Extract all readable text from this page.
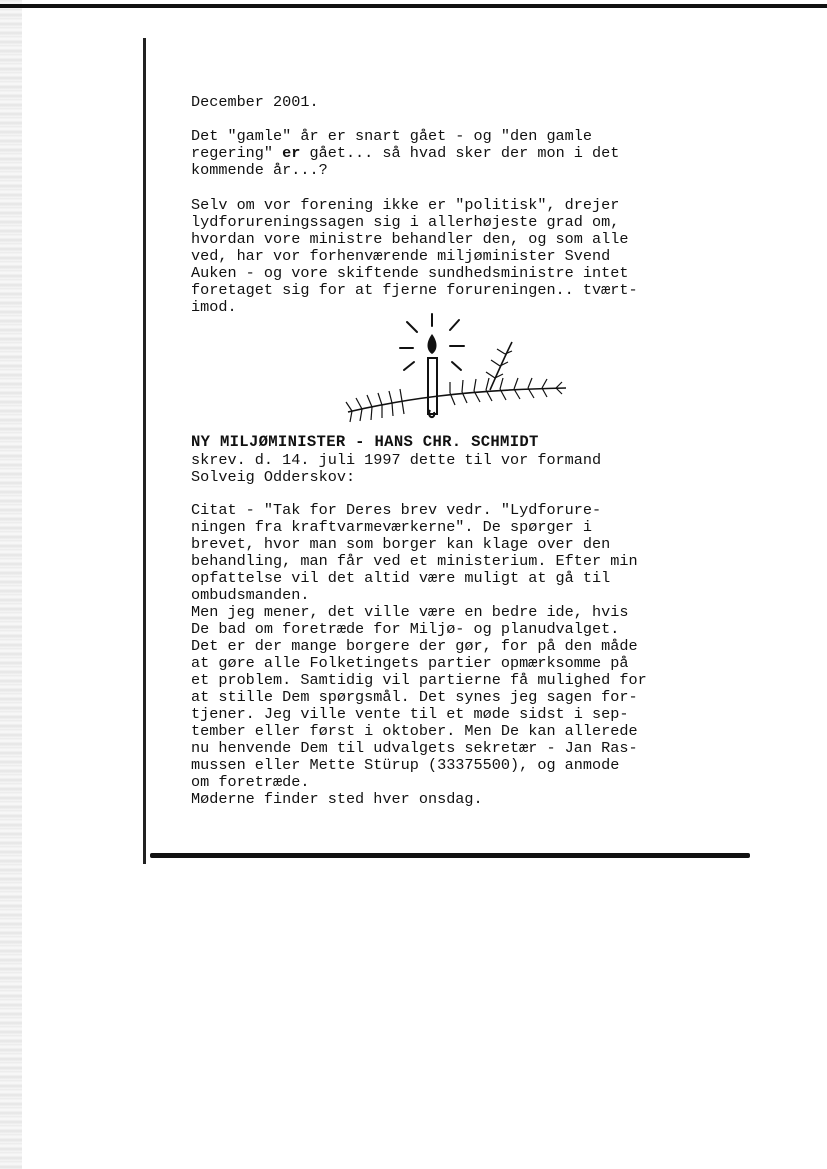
December 2001.

Det "gamle" år er snart gået - og "den gamle
regering" er gået... så hvad sker der mon i det
kommende år...?

Selv om vor forening ikke er "politisk", drejer
lydforureningssagen sig i allerhøjeste grad om,
hvordan vore ministre behandler den, og som alle
ved, har vor forhenværende miljøminister Svend
Auken - og vore skiftende sundhedsministre intet
foretaget sig for at fjerne forureningen.. tvært-
imod.

NY MILJØMINISTER - HANS CHR. SCHMIDT

skrev. d. 14. juli 1997 dette til vor formand
Solveig Odderskov:

Citat - "Tak for Deres brev vedr. "Lydforure-
ningen fra kraftvarmeværkerne". De spørger i
brevet, hvor man som borger kan klage over den
behandling, man får ved et ministerium. Efter min
opfattelse vil det altid være muligt at gå til
ombudsmanden.
Men jeg mener, det ville være en bedre ide, hvis
De bad om foretræde for Miljø- og planudvalget.
Det er der mange borgere der gør, for på den måde
at gøre alle Folketingets partier opmærksomme på
et problem. Samtidig vil partierne få mulighed for
at stille Dem spørgsmål. Det synes jeg sagen for-
tjener. Jeg ville vente til et møde sidst i sep-
tember eller først i oktober. Men De kan allerede
nu henvende Dem til udvalgets sekretær - Jan Ras-
mussen eller Mette Stürup (33375500), og anmode
om foretræde.
Møderne finder sted hver onsdag.
